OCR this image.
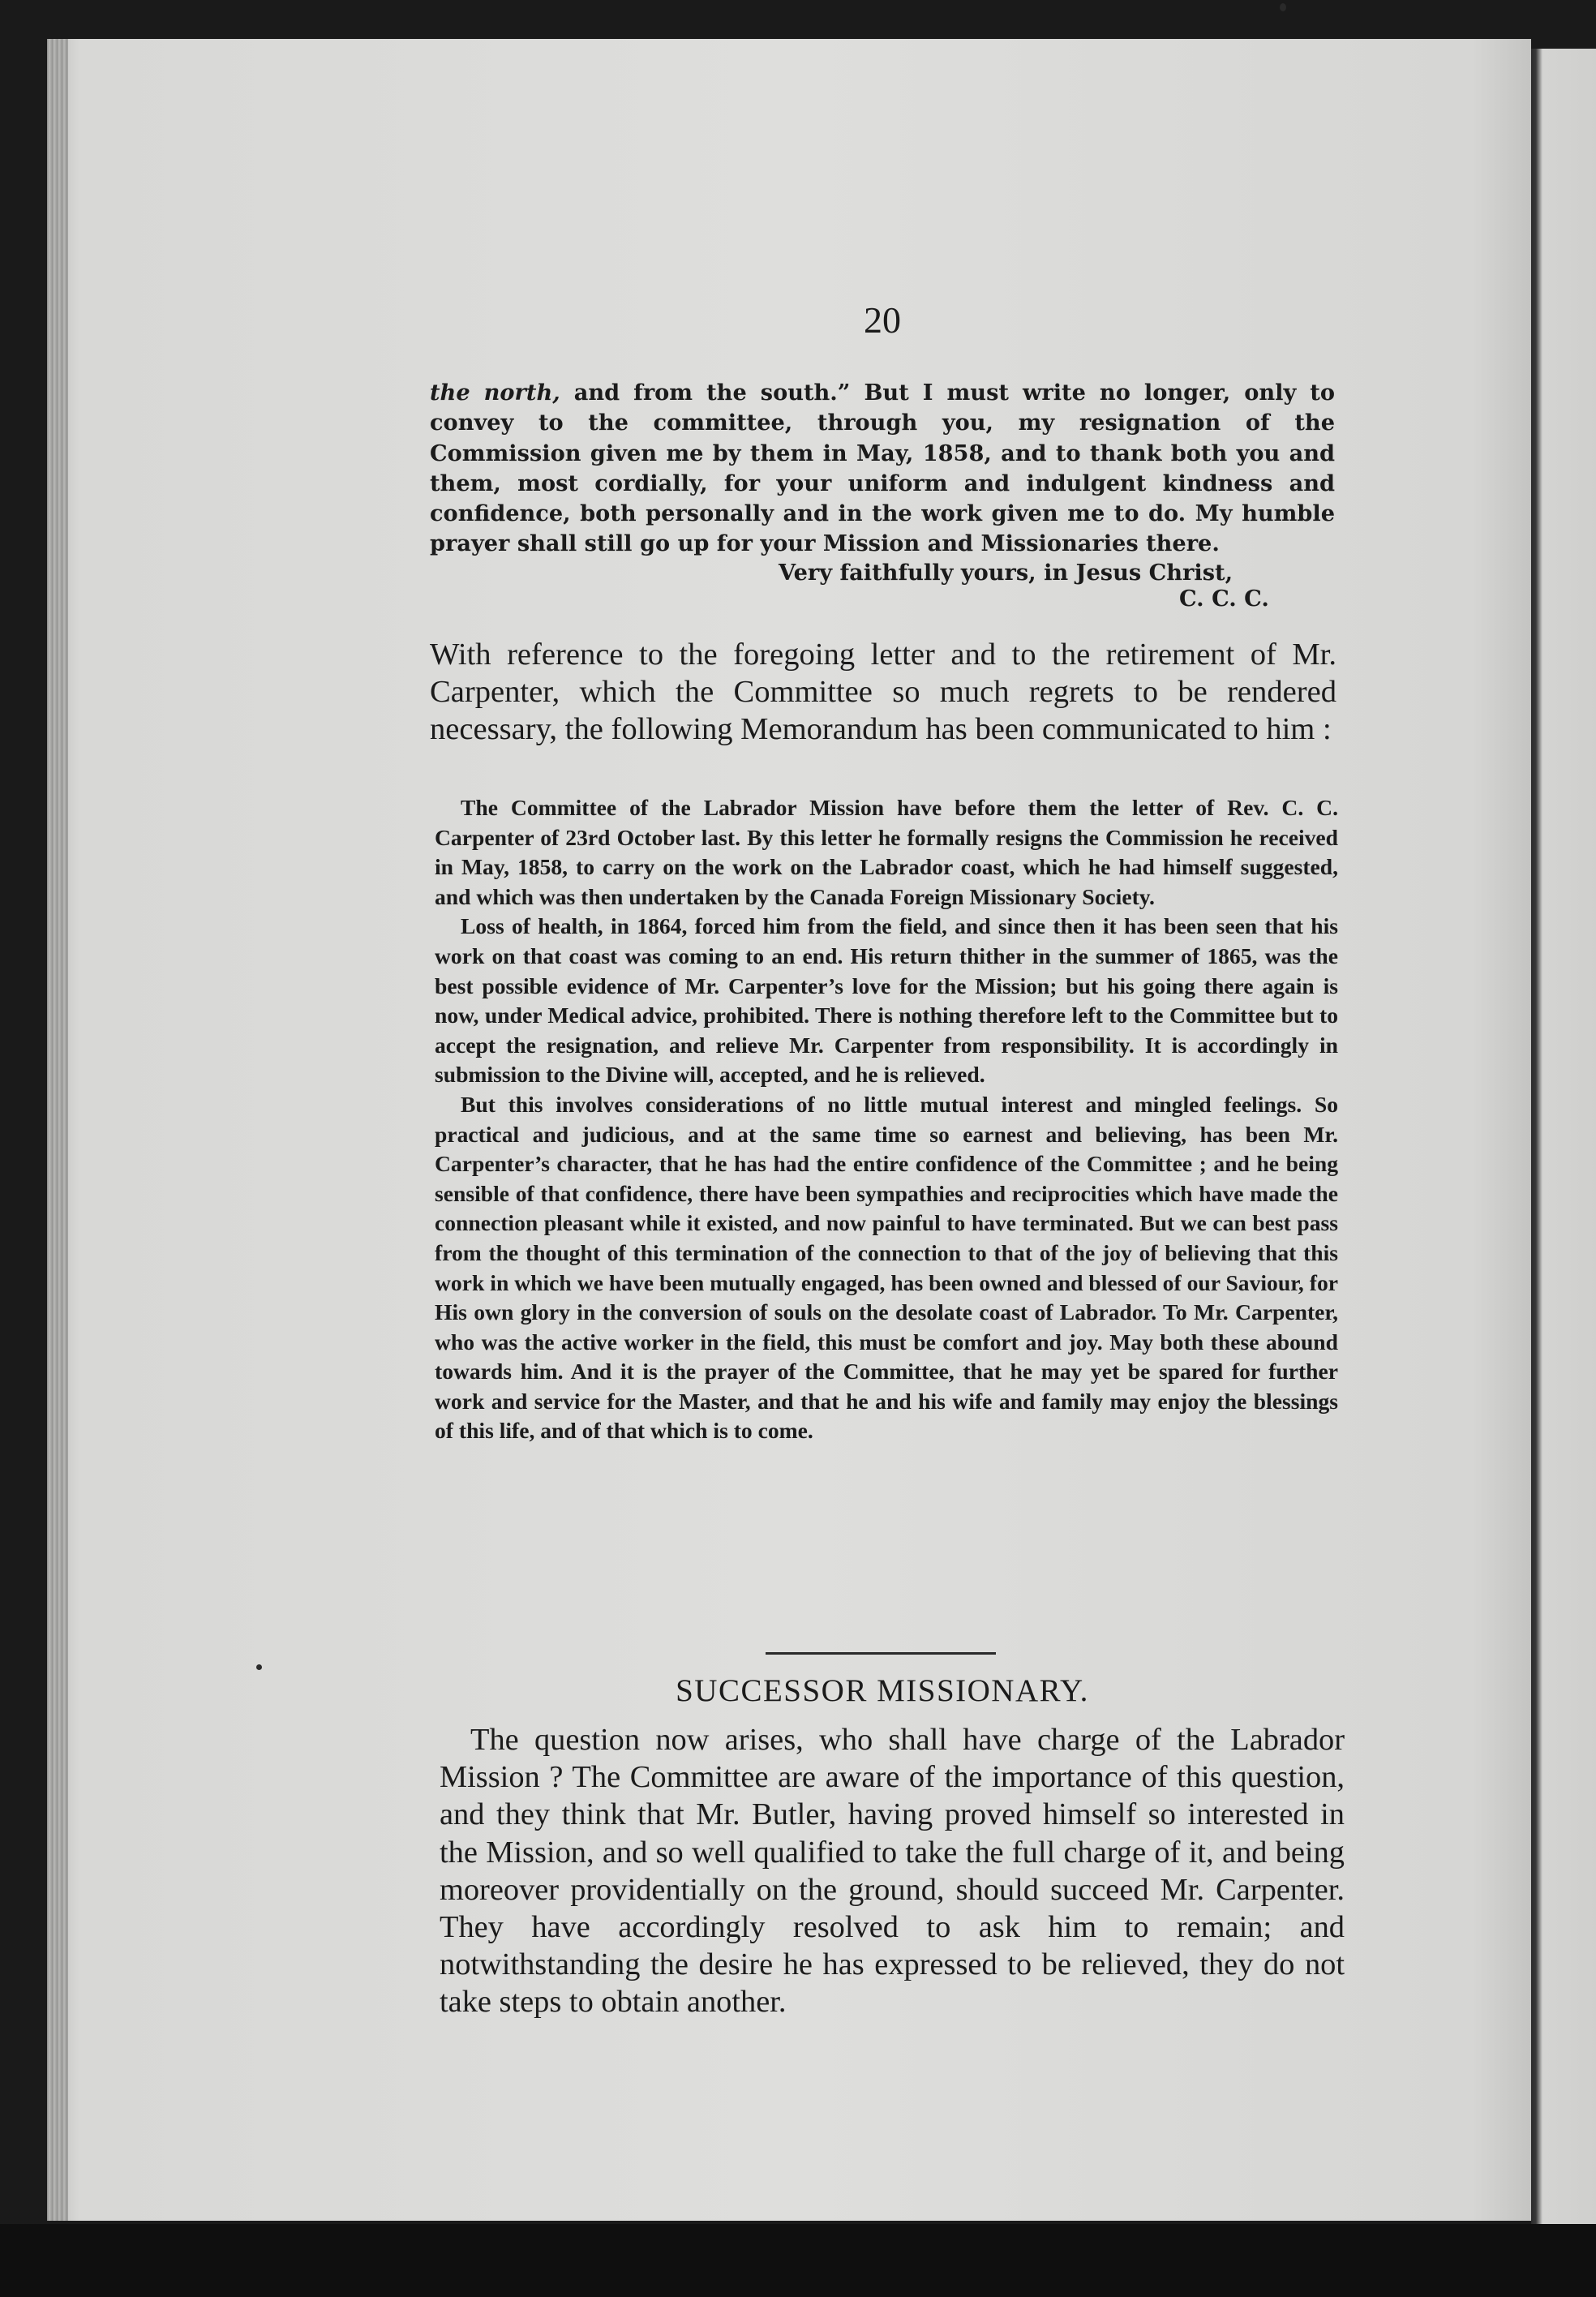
20

the north, and from the south.” But I must write no longer, only to convey to the committee, through you, my resignation of the Commission given me by them in May, 1858, and to thank both you and them, most cordially, for your uniform and indulgent kindness and confidence, both personally and in the work given me to do. My humble prayer shall still go up for your Mission and Missionaries there.

Very faithfully yours, in Jesus Christ,

C. C. C.

With reference to the foregoing letter and to the retirement of Mr. Carpenter, which the Committee so much regrets to be rendered necessary, the following Memorandum has been communicated to him :

The Committee of the Labrador Mission have before them the letter of Rev. C. C. Carpenter of 23rd October last. By this letter he formally resigns the Commission he received in May, 1858, to carry on the work on the Labrador coast, which he had himself suggested, and which was then undertaken by the Canada Foreign Missionary Society.

Loss of health, in 1864, forced him from the field, and since then it has been seen that his work on that coast was coming to an end. His return thither in the summer of 1865, was the best possible evidence of Mr. Carpenter’s love for the Mission; but his going there again is now, under Medical advice, prohibited. There is nothing therefore left to the Committee but to accept the resignation, and relieve Mr. Carpenter from responsibility. It is accordingly in submission to the Divine will, accepted, and he is relieved.

But this involves considerations of no little mutual interest and mingled feelings. So practical and judicious, and at the same time so earnest and believing, has been Mr. Carpenter’s character, that he has had the entire confidence of the Committee ; and he being sensible of that confidence, there have been sympathies and reciprocities which have made the connection pleasant while it existed, and now painful to have terminated. But we can best pass from the thought of this termination of the connection to that of the joy of believing that this work in which we have been mutually engaged, has been owned and blessed of our Saviour, for His own glory in the conversion of souls on the desolate coast of Labrador. To Mr. Carpenter, who was the active worker in the field, this must be comfort and joy. May both these abound towards him. And it is the prayer of the Committee, that he may yet be spared for further work and service for the Master, and that he and his wife and family may enjoy the blessings of this life, and of that which is to come.

SUCCESSOR MISSIONARY.

The question now arises, who shall have charge of the Labrador Mission ? The Committee are aware of the importance of this question, and they think that Mr. Butler, having proved himself so interested in the Mission, and so well qualified to take the full charge of it, and being moreover providentially on the ground, should succeed Mr. Carpenter. They have accordingly resolved to ask him to remain; and notwithstanding the desire he has expressed to be relieved, they do not take steps to obtain another.
